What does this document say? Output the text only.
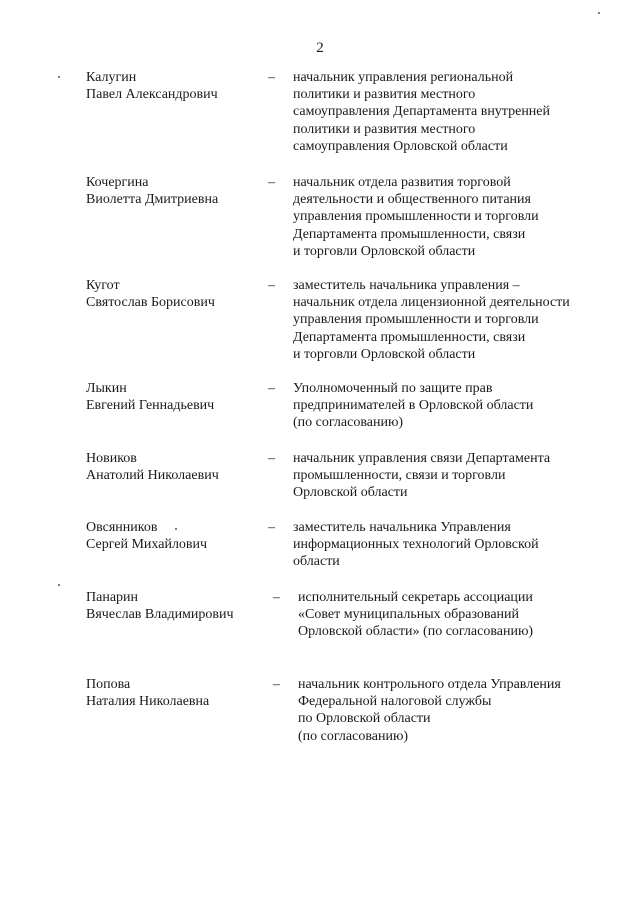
2
Калугин
Павел Александрович
– начальник управления региональной
политики и развития местного
самоуправления Департамента внутренней
политики и развития местного
самоуправления Орловской области
Кочергина
Виолетта Дмитриевна
– начальник отдела развития торговой
деятельности и общественного питания
управления промышленности и торговли
Департамента промышленности, связи
и торговли Орловской области
Кугот
Святослав Борисович
– заместитель начальника управления –
начальник отдела лицензионной деятельности
управления промышленности и торговли
Департамента промышленности, связи
и торговли Орловской области
Лыкин
Евгений Геннадьевич
– Уполномоченный по защите прав
предпринимателей в Орловской области
(по согласованию)
Новиков
Анатолий Николаевич
– начальник управления связи Департамента
промышленности, связи и торговли
Орловской области
Овсянников
Сергей Михайлович
– заместитель начальника Управления
информационных технологий Орловской
области
Панарин
Вячеслав Владимирович
– исполнительный секретарь ассоциации
«Совет муниципальных образований
Орловской области» (по согласованию)
Попова
Наталия Николаевна
– начальник контрольного отдела Управления
Федеральной налоговой службы
по Орловской области
(по согласованию)
